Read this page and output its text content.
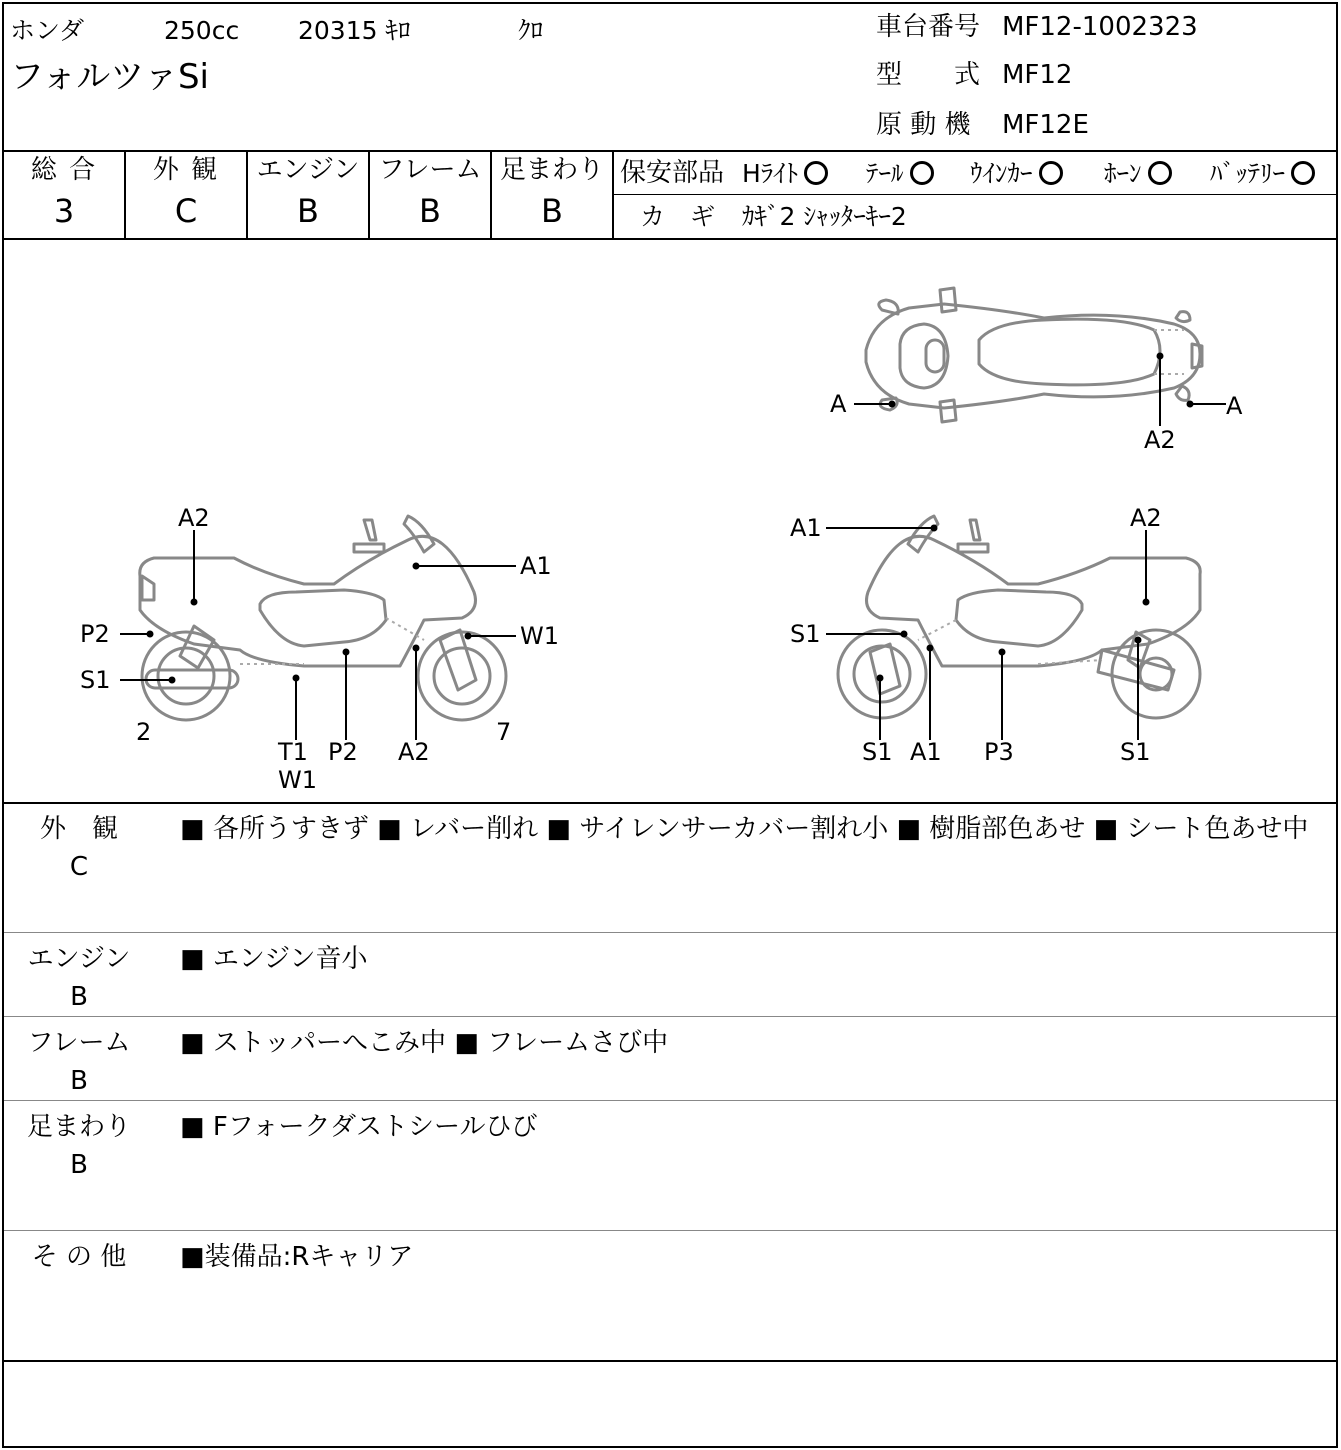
ホンダ	250cc 20315 ｷﾛ	ｸﾛ
フォルツァSi
車台番号 MF12-1002323
型　　式 MF12
原 動 機 MF12E
総 合
3
外 観
C
エンジン
B
フレーム
B
足まわり
B
保安部品 Hﾗｲﾄ	ﾃｰﾙ	ｳｲﾝｶｰ	ﾎｰﾝ	ﾊﾞｯﾃﾘｰ
カ　ギ ｶｷﾞ2 ｼｬｯﾀｰｷｰ2
A	A
A2
A2
A1
P2	W1
S1
2	7
T1
W1
P2 A2
A1	A2
S1
S1 A1 P3	S1
外　観
C
■ 各所うすきず ■ レバー削れ ■ サイレンサーカバー割れ小 ■ 樹脂部色あせ ■ シート色あせ中
エンジン
B
■ エンジン音小
フレーム
B
■ ストッパーへこみ中 ■ フレームさび中
足まわり
B
■ Fフォークダストシールひび
そ の 他	■装備品:Rキャリア
